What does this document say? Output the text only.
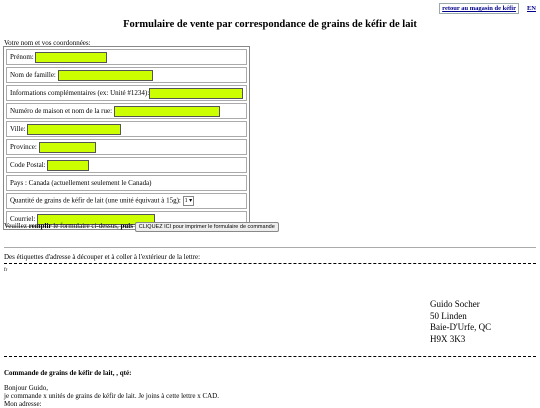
retour au magasin de kéfir	EN
Formulaire de vente par correspondance de grains de kéfir de lait
Votre nom et vos coordonnées:
Prénom:
Nom de famille:
Informations complémentaires (ex: Unité #1234):
Numéro de maison et nom de la rue:
Ville:
Province:
Code Postal:
Pays : Canada (actuellement seulement le Canada)
Quantité de grains de kéfir de lait (une unité équivaut à 15g): 1 ▾
Courriel:
Veuillez remplir le formulaire ci-dessus, puis CLIQUEZ ICI pour imprimer le formulaire de commande
Des étiquettes d'adresse à découper et à coller à l'extérieur de la lettre:
fr
Guido Socher
50 Linden
Baie-D'Urfe, QC
H9X 3K3
Commande de grains de kéfir de lait, , qté:
Bonjour Guido,
je commande x unités de grains de kéfir de lait. Je joins à cette lettre x CAD.
Mon adresse:
